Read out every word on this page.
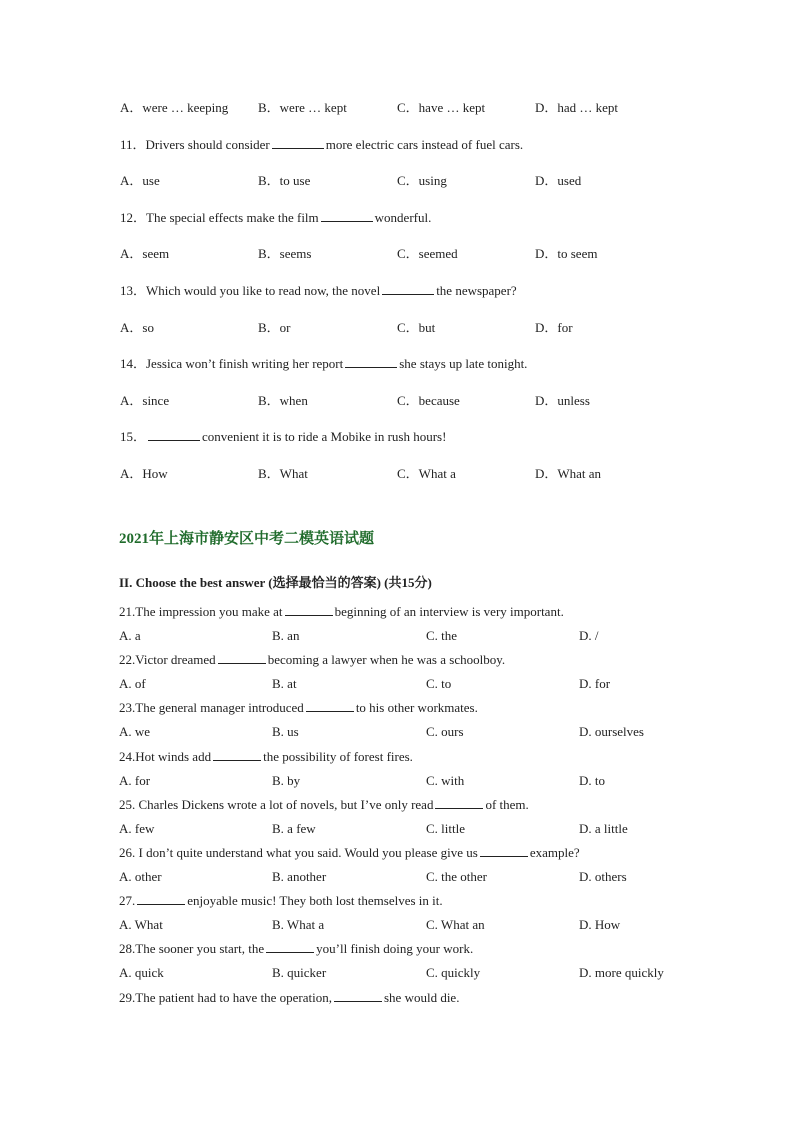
A．were … keeping B．were … kept	C．have … kept	D．had … kept
11．Drivers should consider	more electric cars instead of fuel cars.
A．use	B．to use	C．using	D．used
12．The special effects make the film	wonderful.
A．seem	B．seems	C．seemed	D．to seem
13．Which would you like to read now, the novel	the newspaper?
A．so	B．or	C．but	D．for
14．Jessica won’t finish writing her report	she stays up late tonight.
A．since	B．when	C．because	D．unless
15．	convenient it is to ride a Mobike in rush hours!
A．How	B．What	C．What a	D．What an
2021年上海市静安区中考二模英语试题
II. Choose the best answer (选择最恰当的答案) (共15分)
21.The impression you make at	beginning of an interview is very important.
A. a	B. an	C. the	D. /
22.Victor dreamed	becoming a lawyer when he was a schoolboy.
A. of	B. at	C. to	D. for
23.The general manager introduced	to his other workmates.
A. we	B. us	C. ours	D. ourselves
24.Hot winds add	the possibility of forest fires.
A. for	B. by	C. with	D. to
25. Charles Dickens wrote a lot of novels, but I’ve only read	of them.
A. few	B. a few	C. little	D. a little
26. I don’t quite understand what you said. Would you please give us	example?
A. other	B. another	C. the other	D. others
27.	enjoyable music! They both lost themselves in it.
A. What	B. What a	C. What an	D. How
28.The sooner you start, the	you’ll finish doing your work.
A. quick	B. quicker	C. quickly	D. more quickly
29.The patient had to have the operation,	she would die.
